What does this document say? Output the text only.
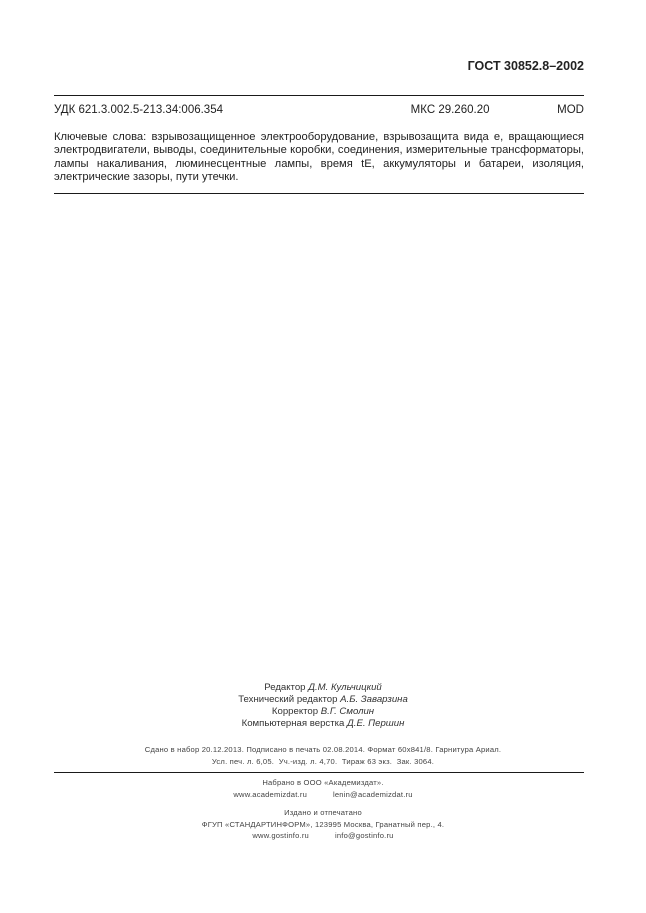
ГОСТ 30852.8–2002
УДК 621.3.002.5-213.34:006.354	МКС 29.260.20	MOD
Ключевые слова: взрывозащищенное электрооборудование, взрывозащита вида е, вращающиеся электродвигатели, выводы, соединительные коробки, соединения, измерительные трансформаторы, лампы накаливания, люминесцентные лампы, время tE, аккумуляторы и батареи, изоляция, электрические зазоры, пути утечки.
Редактор Д.М. Кульчицкий
Технический редактор А.Б. Заварзина
Корректор В.Г. Смолин
Компьютерная верстка Д.Е. Першин
Сдано в набор 20.12.2013. Подписано в печать 02.08.2014. Формат 60х841/8. Гарнитура Ариал.
Усл. печ. л. 6,05.  Уч.-изд. л. 4,70.  Тираж 63 экз.  Зак. 3064.
Набрано в ООО «Академиздат».
www.academizdat.ru	lenin@academizdat.ru
Издано и отпечатано
ФГУП «СТАНДАРТИНФОРМ», 123995 Москва, Гранатный пер., 4.
www.gostinfo.ru	info@gostinfo.ru
